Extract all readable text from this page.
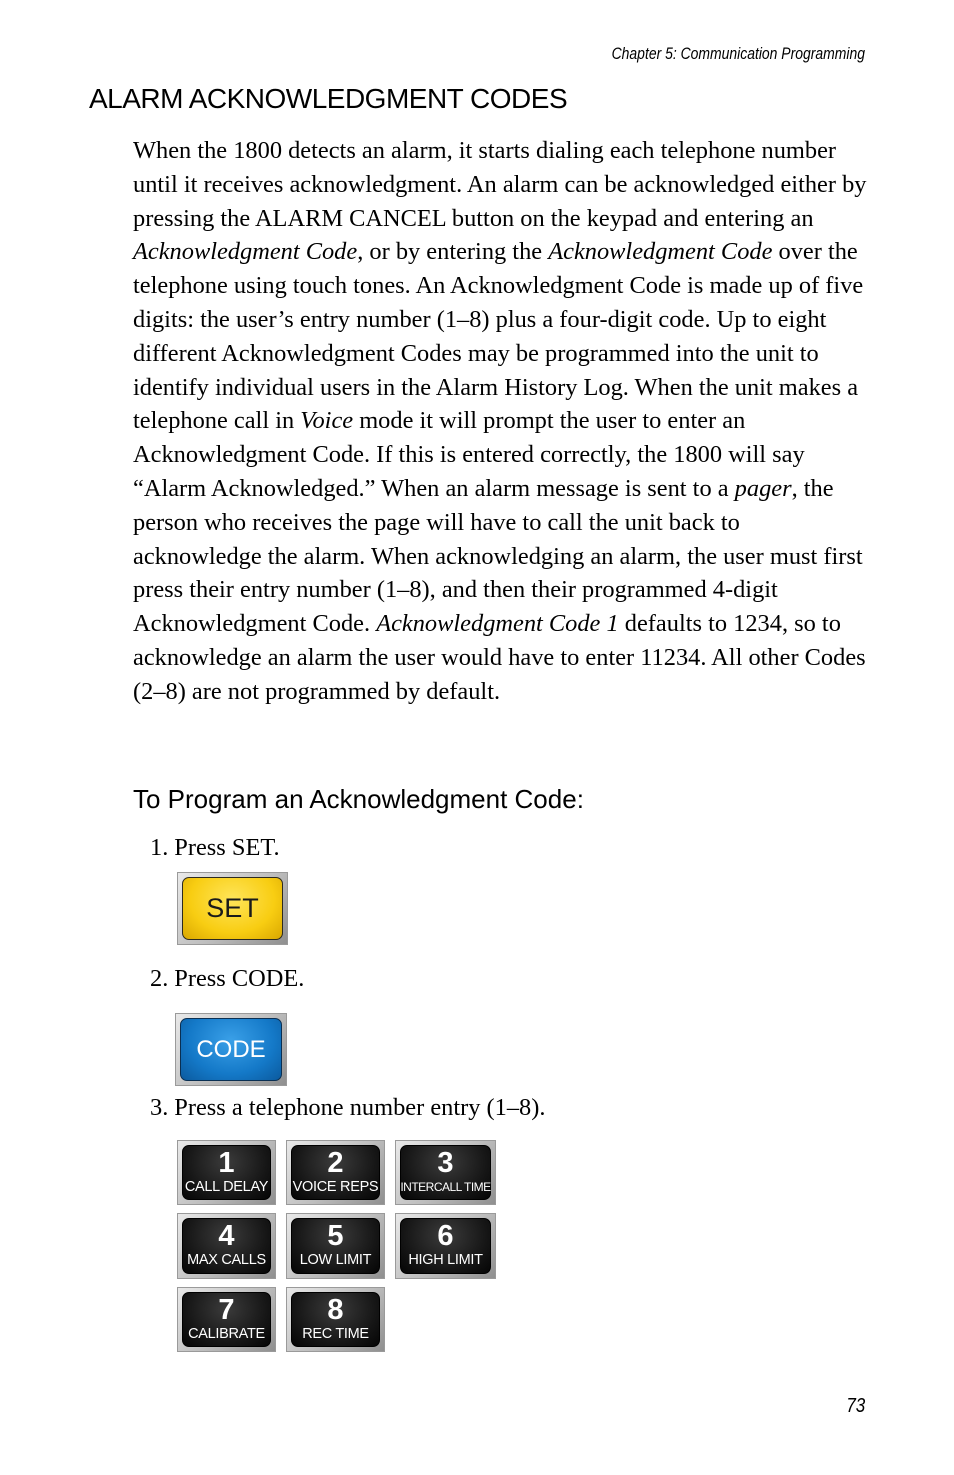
Chapter 5: Communication Programming
ALARM ACKNOWLEDGMENT CODES

When the 1800 detects an alarm, it starts dialing each telephone number until it receives acknowledgment. An alarm can be acknowledged either by pressing the ALARM CANCEL button on the keypad and entering an Acknowledgment Code, or by entering the Acknowledgment Code over the telephone using touch tones. An Acknowledgment Code is made up of five digits: the user’s entry number (1–8) plus a four-digit code. Up to eight different Acknowledgment Codes may be programmed into the unit to identify individual users in the Alarm History Log. When the unit makes a telephone call in Voice mode it will prompt the user to enter an Acknowledgment Code. If this is entered correctly, the 1800 will say “Alarm Acknowledged.” When an alarm message is sent to a pager, the person who receives the page will have to call the unit back to acknowledge the alarm. When acknowledging an alarm, the user must first press their entry number (1–8), and then their programmed 4-digit Acknowledgment Code. Acknowledgment Code 1 defaults to 1234, so to acknowledge an alarm the user would have to enter 11234. All other Codes (2–8) are not programmed by default.

To Program an Acknowledgment Code:

1. Press SET.

SET

2. Press CODE.

CODE

3. Press a telephone number entry (1–8).

1
CALL DELAY
2
VOICE REPS
3
INTERCALL TIME
4
MAX CALLS
5
LOW LIMIT
6
HIGH LIMIT
7
CALIBRATE
8
REC TIME
73
